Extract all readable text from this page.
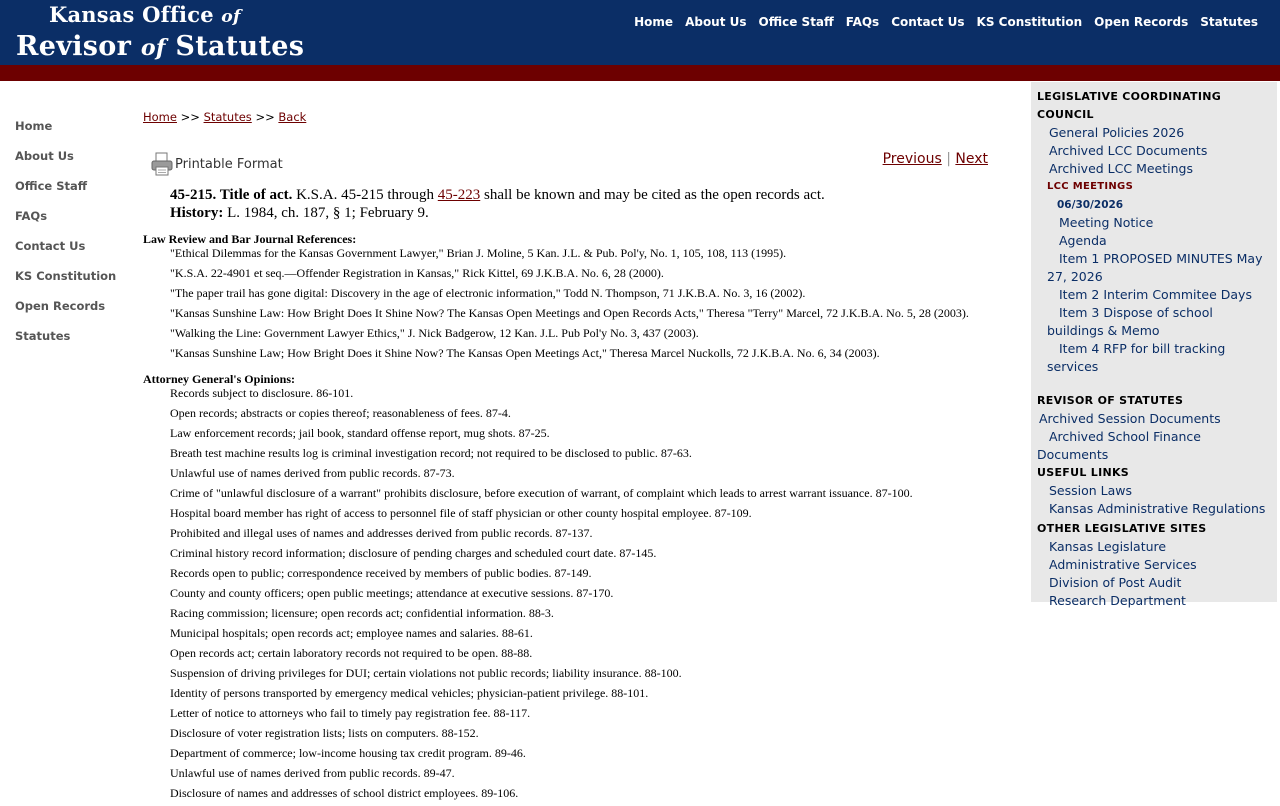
Kansas Office of
Revisor of Statutes
Home About Us Office Staff FAQs Contact Us KS Constitution Open Records Statutes
Home
About Us
Office Staff
FAQs
Contact Us
KS Constitution
Open Records
Statutes
Home >> Statutes >> Back
Printable Format	Previous | Next
45-215. Title of act. K.S.A. 45-215 through 45-223 shall be known and may be cited as the open records act.
History: L. 1984, ch. 187, § 1; February 9.
Law Review and Bar Journal References:
"Ethical Dilemmas for the Kansas Government Lawyer," Brian J. Moline, 5 Kan. J.L. & Pub. Pol'y, No. 1, 105, 108, 113 (1995).
"K.S.A. 22-4901 et seq.—Offender Registration in Kansas," Rick Kittel, 69 J.K.B.A. No. 6, 28 (2000).
"The paper trail has gone digital: Discovery in the age of electronic information," Todd N. Thompson, 71 J.K.B.A. No. 3, 16 (2002).
"Kansas Sunshine Law: How Bright Does It Shine Now? The Kansas Open Meetings and Open Records Acts," Theresa "Terry" Marcel, 72 J.K.B.A. No. 5, 28 (2003).
"Walking the Line: Government Lawyer Ethics," J. Nick Badgerow, 12 Kan. J.L. Pub Pol'y No. 3, 437 (2003).
"Kansas Sunshine Law; How Bright Does it Shine Now? The Kansas Open Meetings Act," Theresa Marcel Nuckolls, 72 J.K.B.A. No. 6, 34 (2003).
Attorney General's Opinions:
Records subject to disclosure. 86-101.
Open records; abstracts or copies thereof; reasonableness of fees. 87-4.
Law enforcement records; jail book, standard offense report, mug shots. 87-25.
Breath test machine results log is criminal investigation record; not required to be disclosed to public. 87-63.
Unlawful use of names derived from public records. 87-73.
Crime of "unlawful disclosure of a warrant" prohibits disclosure, before execution of warrant, of complaint which leads to arrest warrant issuance. 87-100.
Hospital board member has right of access to personnel file of staff physician or other county hospital employee. 87-109.
Prohibited and illegal uses of names and addresses derived from public records. 87-137.
Criminal history record information; disclosure of pending charges and scheduled court date. 87-145.
Records open to public; correspondence received by members of public bodies. 87-149.
County and county officers; open public meetings; attendance at executive sessions. 87-170.
Racing commission; licensure; open records act; confidential information. 88-3.
Municipal hospitals; open records act; employee names and salaries. 88-61.
Open records act; certain laboratory records not required to be open. 88-88.
Suspension of driving privileges for DUI; certain violations not public records; liability insurance. 88-100.
Identity of persons transported by emergency medical vehicles; physician-patient privilege. 88-101.
Letter of notice to attorneys who fail to timely pay registration fee. 88-117.
Disclosure of voter registration lists; lists on computers. 88-152.
Department of commerce; low-income housing tax credit program. 89-46.
Unlawful use of names derived from public records. 89-47.
Disclosure of names and addresses of school district employees. 89-106.
LEGISLATIVE COORDINATING
COUNCIL
General Policies 2026
Archived LCC Documents
Archived LCC Meetings
LCC MEETINGS
06/30/2026
Meeting Notice
Agenda
Item 1 PROPOSED MINUTES May 27, 2026
Item 2 Interim Commitee Days
Item 3 Dispose of school buildings & Memo
Item 4 RFP for bill tracking services
REVISOR OF STATUTES
Archived Session Documents
Archived School Finance Documents
USEFUL LINKS
Session Laws
Kansas Administrative Regulations
OTHER LEGISLATIVE SITES
Kansas Legislature
Administrative Services
Division of Post Audit
Research Department
